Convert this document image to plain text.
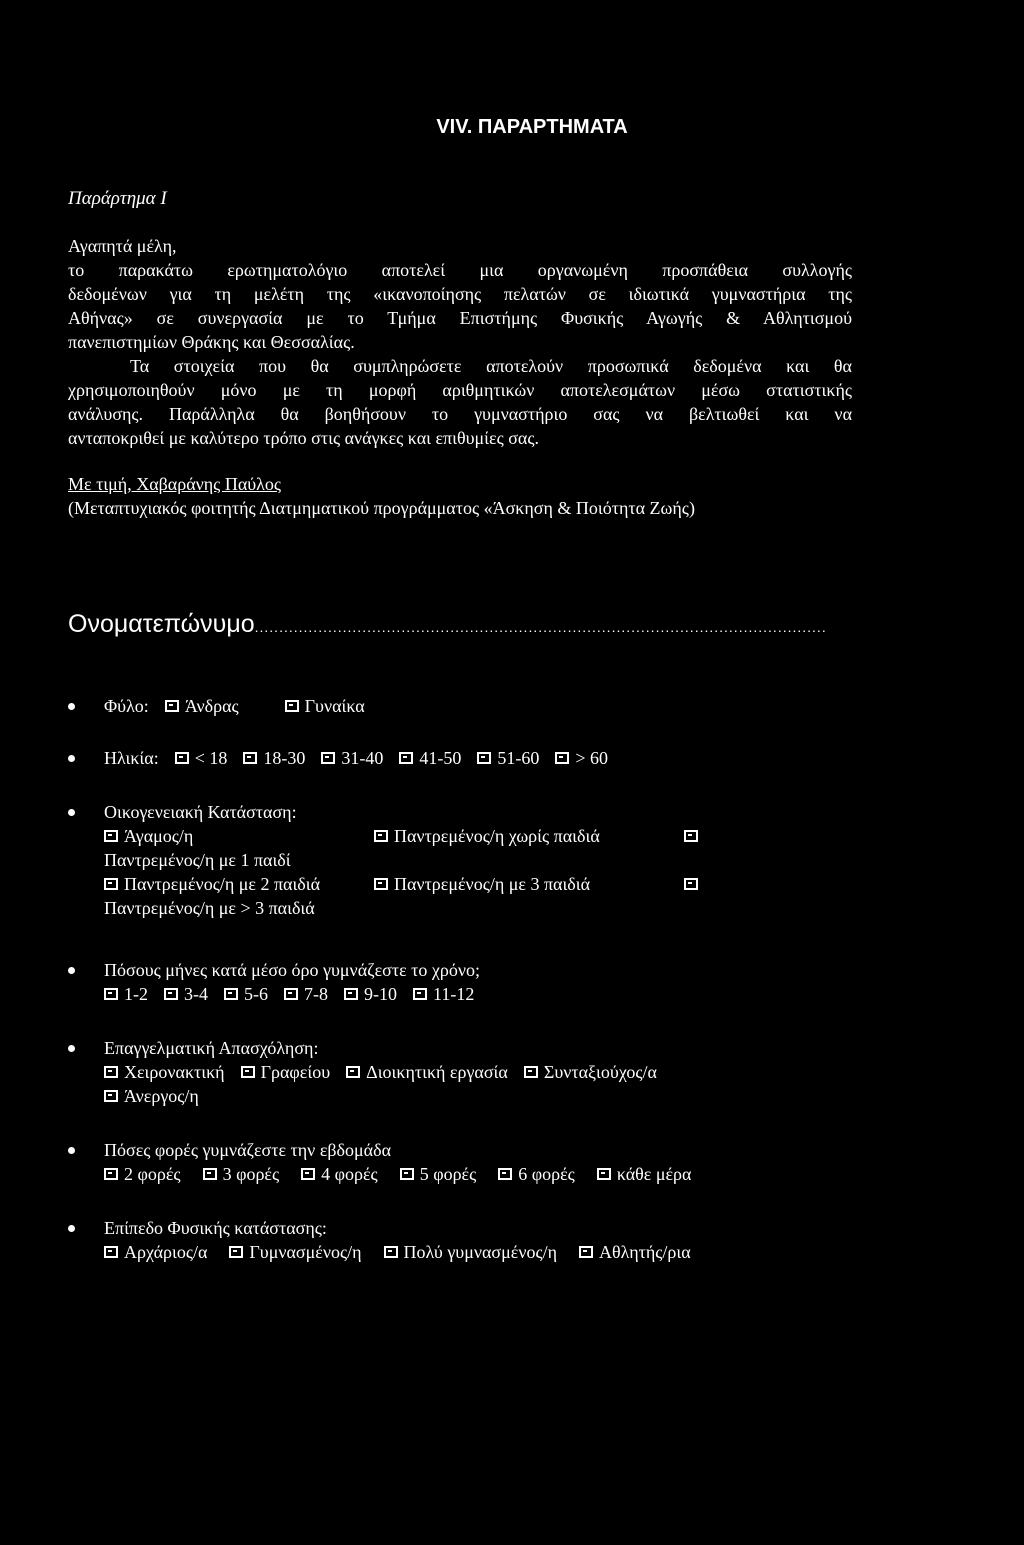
VIV. ΠΑΡΑΡΤΗΜΑΤΑ
Παράρτημα Ι

Αγαπητά μέλη,

το παρακάτω ερωτηματολόγιο αποτελεί μια οργανωμένη προσπάθεια συλλογής

δεδομένων για τη μελέτη της «ικανοποίησης πελατών σε ιδιωτικά γυμναστήρια της

Αθήνας» σε συνεργασία με το Τμήμα Επιστήμης Φυσικής Αγωγής & Αθλητισμού

πανεπιστημίων Θράκης και Θεσσαλίας.

Τα στοιχεία που θα συμπληρώσετε αποτελούν προσωπικά δεδομένα και θα

χρησιμοποιηθούν μόνο με τη μορφή αριθμητικών αποτελεσμάτων μέσω στατιστικής

ανάλυσης. Παράλληλα θα βοηθήσουν το γυμναστήριο σας να βελτιωθεί και να

ανταποκριθεί με καλύτερο τρόπο στις ανάγκες και επιθυμίες σας.

Με τιμή, Χαβαράνης Παύλος

(Μεταπτυχιακός φοιτητής Διατμηματικού προγράμματος «Άσκηση & Ποιότητα Ζωής)

Ονοματεπώνυμο.....................................................................................................................
Φύλο: Άνδρας	Γυναίκα
Ηλικία: < 18 18-30 31-40 41-50 51-60 > 60
Οικογενειακή Κατάσταση:
Άγαμος/η	Παντρεμένος/η χωρίς παιδιά
Παντρεμένος/η με 1 παιδί
Παντρεμένος/η με 2 παιδιά	Παντρεμένος/η με 3 παιδιά
Παντρεμένος/η με > 3 παιδιά
Πόσους μήνες κατά μέσο όρο γυμνάζεστε το χρόνο;
1-2 3-4 5-6 7-8 9-10 11-12
Επαγγελματική Απασχόληση:
Χειρονακτική Γραφείου Διοικητική εργασία Συνταξιούχος/α
Άνεργος/η
Πόσες φορές γυμνάζεστε την εβδομάδα
2 φορές 3 φορές 4 φορές 5 φορές 6 φορές κάθε μέρα
Επίπεδο Φυσικής κατάστασης:
Αρχάριος/α Γυμνασμένος/η Πολύ γυμνασμένος/η Αθλητής/ρια
